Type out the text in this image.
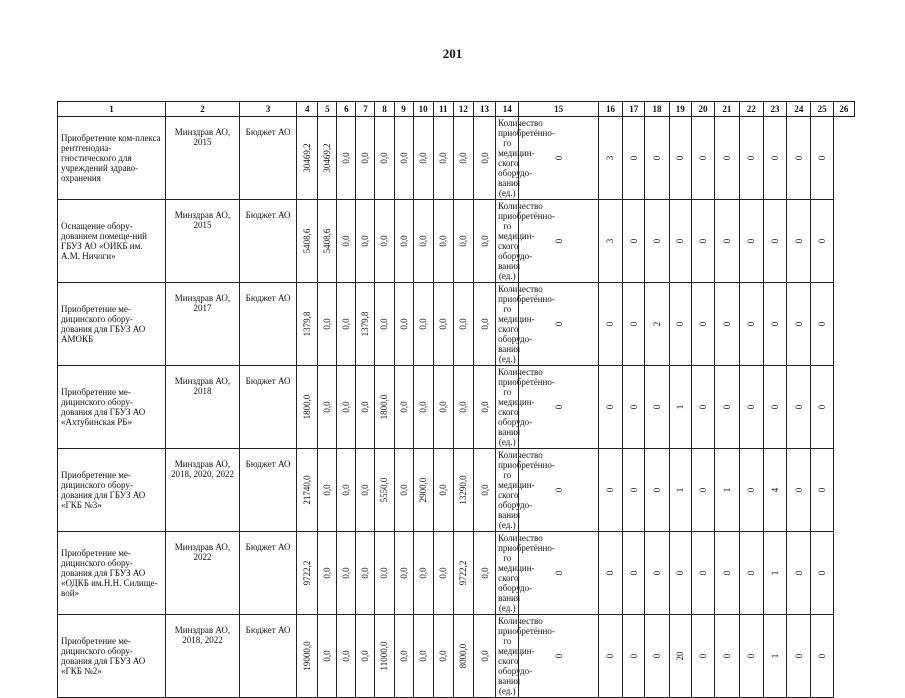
201
1	2	3	4	5	6	7	8	9	10	11	12	13	14	15	16	17	18	19	20	21	22	23	24	25	26
Приобретение ком-плекса рентгенодиа-гностического для учреждений здраво-охранения	Минздрав АО, 2015	Бюджет АО	30469,2	30469,2	0,0	0,0	0,0	0,0	0,0	0,0	0,0	0,0	Количество приобретённо-го медицин-ского оборудо-вания (ед.)	0	3	0	0	0	0	0	0	0	0	0	

Оснащение обору-дованием помеще-ний ГБУЗ АО «ОИКБ им. А.М. Ничоги»	Минздрав АО, 2015	Бюджет АО	5408,6	5408,6	0,0	0,0	0,0	0,0	0,0	0,0	0,0	0,0	Количество приобретённо-го медицин-ского оборудо-вания (ед.)	0	3	0	0	0	0	0	0	0	0	0	

Приобретение ме-дицинского обору-дования для ГБУЗ АО АМОКБ	Минздрав АО, 2017	Бюджет АО	1379,8	0,0	0,0	1379,8	0,0	0,0	0,0	0,0	0,0	0,0	Количество приобретённо-го медицин-ского оборудо-вания (ед.)	0	0	0	2	0	0	0	0	0	0	0	

Приобретение ме-дицинского обору-дования для ГБУЗ АО «Ахтубинская РБ»	Минздрав АО, 2018	Бюджет АО	1800,0	0,0	0,0	0,0	1800,0	0,0	0,0	0,0	0,0	0,0	Количество приобретённо-го медицин-ского оборудо-вания (ед.)	0	0	0	0	1	0	0	0	0	0	0	

Приобретение ме-дицинского обору-дования для ГБУЗ АО «ГКБ №3»	Минздрав АО, 2018, 2020, 2022	Бюджет АО	21740,0	0,0	0,0	0,0	5550,0	0,0	2900,0	0,0	13290,0	0,0	Количество приобретённо-го медицин-ского оборудо-вания (ед.)	0	0	0	0	1	0	1	0	4	0	0	

Приобретение ме-дицинского обору-дования для ГБУЗ АО «ОДКБ им.Н.Н. Силище-вой»	Минздрав АО, 2022	Бюджет АО	9722,2	0,0	0,0	0,0	0,0	0,0	0,0	0,0	9722,2	0,0	Количество приобретённо-го медицин-ского оборудо-вания (ед.)	0	0	0	0	0	0	0	0	1	0	0	

Приобретение ме-дицинского обору-дования для ГБУЗ АО «ГКБ №2»	Минздрав АО, 2018, 2022	Бюджет АО	19000,0	0,0	0,0	0,0	11000,0	0,0	0,0	0,0	8000,0	0,0	Количество приобретённо-го медицин-ского оборудо-вания (ед.)	0	0	0	0	20	0	0	0	1	0	0	
